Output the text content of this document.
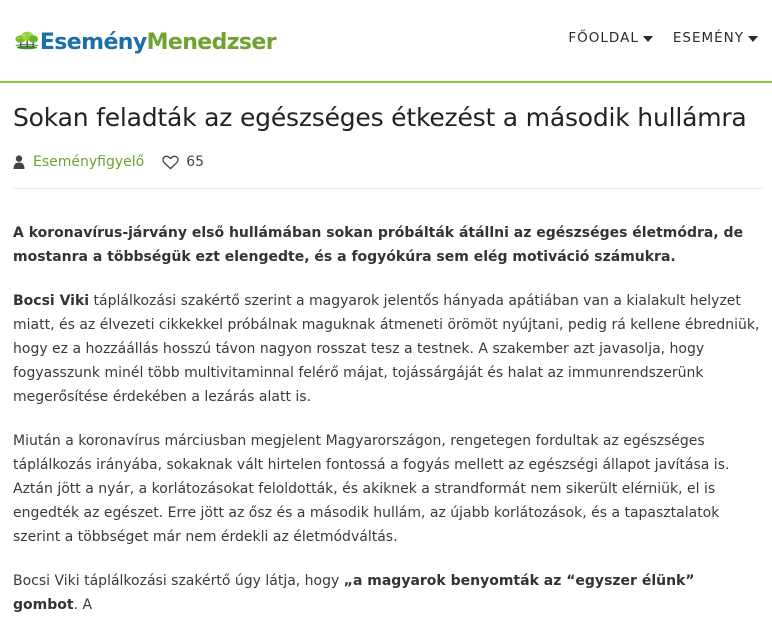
EseményMenedzser	FŐOLDAL	ESEMÉNY
Sokan feladták az egészséges étkezést a második hullámra
Eseményfigyelő	65

A koronavírus-járvány első hullámában sokan próbálták átállni az egészséges életmódra, de mostanra a többségük ezt elengedte, és a fogyókúra sem elég motiváció számukra.

Bocsi Viki táplálkozási szakértő szerint a magyarok jelentős hányada apátiában van a kialakult helyzet miatt, és az élvezeti cikkekkel próbálnak maguknak átmeneti örömöt nyújtani, pedig rá kellene ébredniük, hogy ez a hozzáállás hosszú távon nagyon rosszat tesz a testnek. A szakember azt javasolja, hogy fogyasszunk minél több multivitaminnal felérő májat, tojássárgáját és halat az immunrendszerünk megerősítése érdekében a lezárás alatt is.

Miután a koronavírus márciusban megjelent Magyarországon, rengetegen fordultak az egészséges táplálkozás irányába, sokaknak vált hirtelen fontossá a fogyás mellett az egészségi állapot javítása is. Aztán jött a nyár, a korlátozásokat feloldották, és akiknek a strandformát nem sikerült elérniük, el is engedték az egészet. Erre jött az ősz és a második hullám, az újabb korlátozások, és a tapasztalatok szerint a többséget már nem érdekli az életmódváltás.

Bocsi Viki táplálkozási szakértő úgy látja, hogy „a magyarok benyomták az “egyszer élünk” gombot. A
